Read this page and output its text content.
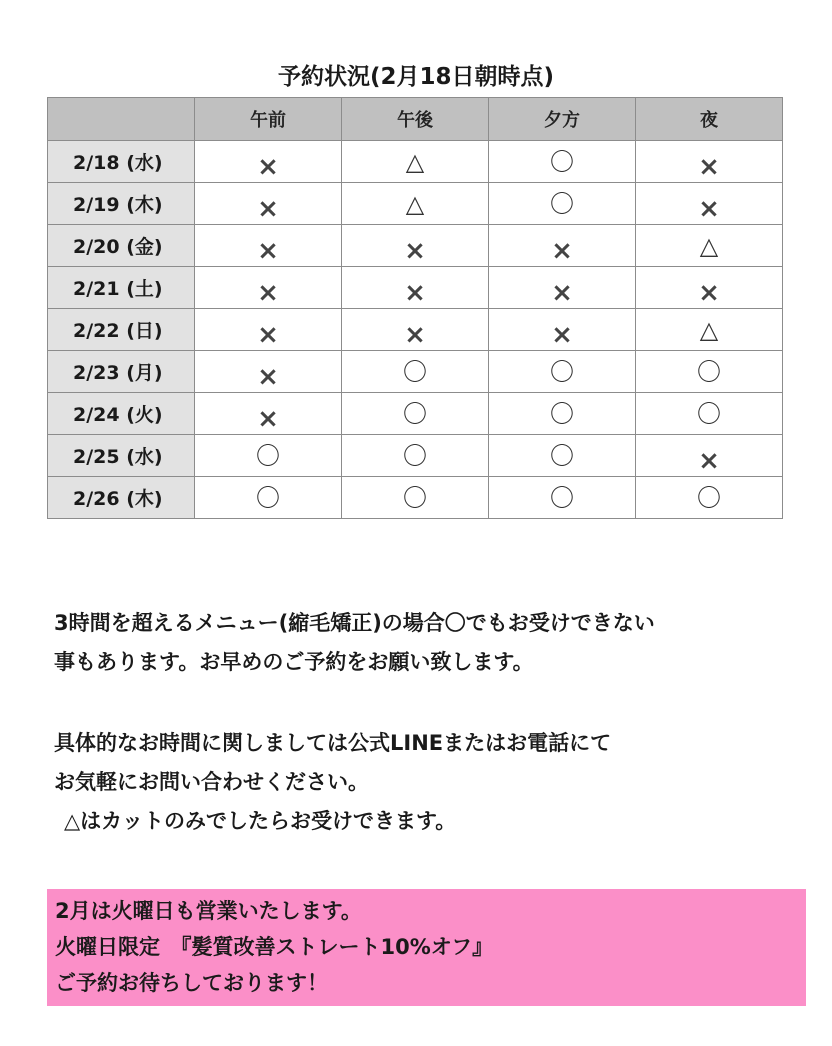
予約状況(2月18日朝時点)
	午前	午後	夕方	夜
2/18 (水)	×	△	〇	×
2/19 (木)	×	△	〇	×
2/20 (金)	×	×	×	△
2/21 (土)	×	×	×	×
2/22 (日)	×	×	×	△
2/23 (月)	×	〇	〇	〇
2/24 (火)	×	〇	〇	〇
2/25 (水)	〇	〇	〇	×
2/26 (木)	〇	〇	〇	〇
3時間を超えるメニュー(縮毛矯正)の場合〇でもお受けできない
事もあります。お早めのご予約をお願い致します。
具体的なお時間に関しましては公式LINEまたはお電話にて
お気軽にお問い合わせください。
△はカットのみでしたらお受けできます。
2月は火曜日も営業いたします。
火曜日限定　『髪質改善ストレート10%オフ』
ご予約お待ちしております！
